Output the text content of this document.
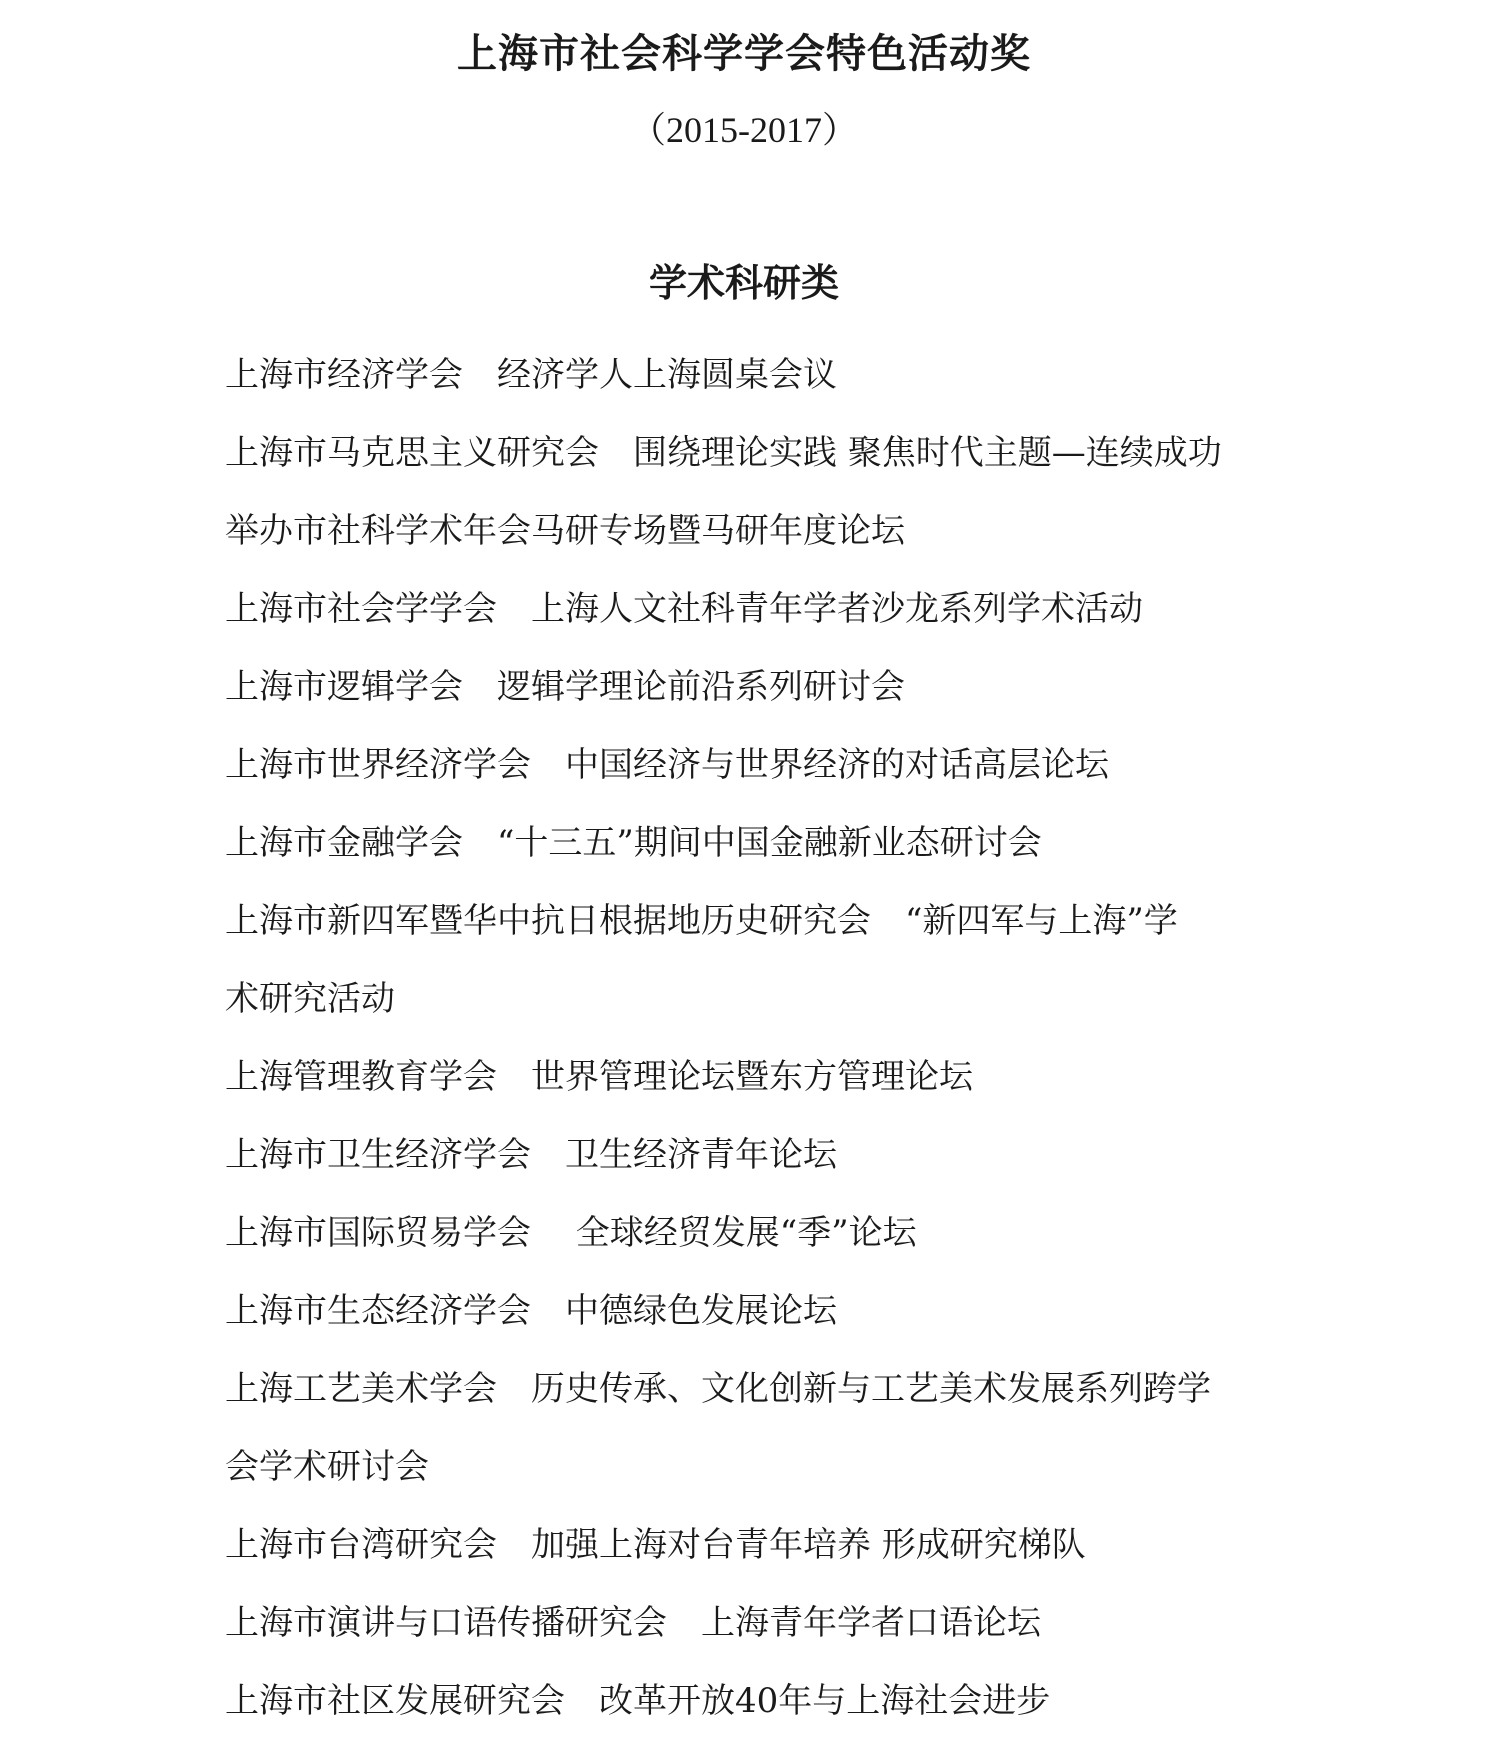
上海市社会科学学会特色活动奖

（2015-2017）

学术科研类
上海市经济学会　经济学人上海圆桌会议
上海市马克思主义研究会　围绕理论实践 聚焦时代主题—连续成功
举办市社科学术年会马研专场暨马研年度论坛
上海市社会学学会　上海人文社科青年学者沙龙系列学术活动
上海市逻辑学会　逻辑学理论前沿系列研讨会
上海市世界经济学会　中国经济与世界经济的对话高层论坛
上海市金融学会　“十三五”期间中国金融新业态研讨会
上海市新四军暨华中抗日根据地历史研究会　“新四军与上海”学
术研究活动
上海管理教育学会　世界管理论坛暨东方管理论坛
上海市卫生经济学会　卫生经济青年论坛
上海市国际贸易学会　 全球经贸发展“季”论坛
上海市生态经济学会　中德绿色发展论坛
上海工艺美术学会　历史传承、文化创新与工艺美术发展系列跨学
会学术研讨会
上海市台湾研究会　加强上海对台青年培养 形成研究梯队
上海市演讲与口语传播研究会　上海青年学者口语论坛
上海市社区发展研究会　改革开放40年与上海社会进步
